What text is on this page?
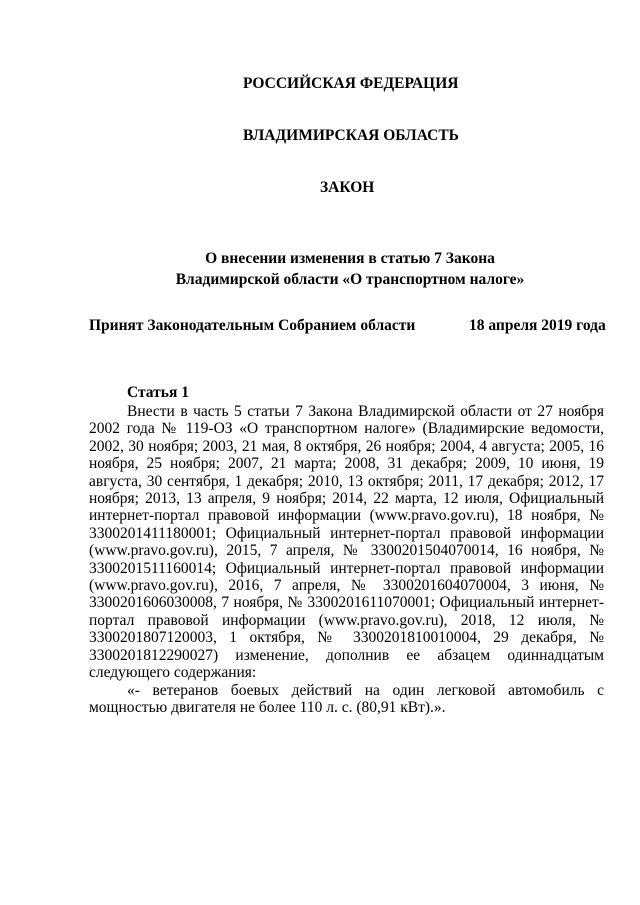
РОССИЙСКАЯ ФЕДЕРАЦИЯ
ВЛАДИМИРСКАЯ ОБЛАСТЬ
ЗАКОН
О внесении изменения в статью 7 Закона
Владимирской области «О транспортном налоге»
Принят Законодательным Собранием области	18 апреля 2019 года
Статья 1

Внести в часть 5 статьи 7 Закона Владимирской области от 27 ноября 2002 года № 119-ОЗ «О транспортном налоге» (Владимирские ведомости, 2002, 30 ноября; 2003, 21 мая, 8 октября, 26 ноября; 2004, 4 августа; 2005, 16 ноября, 25 ноября; 2007, 21 марта; 2008, 31 декабря; 2009, 10 июня, 19 августа, 30 сентября, 1 декабря; 2010, 13 октября; 2011, 17 декабря; 2012, 17 ноября; 2013, 13 апреля, 9 ноября; 2014, 22 марта, 12 июля, Официальный интернет-портал правовой информации (www.pravo.gov.ru), 18 ноября, № 3300201411180001; Официальный интернет-портал правовой информации (www.pravo.gov.ru), 2015, 7 апреля, № 3300201504070014, 16 ноября, № 3300201511160014; Официальный интернет-портал правовой информации (www.pravo.gov.ru), 2016, 7 апреля, № 3300201604070004, 3 июня, № 3300201606030008, 7 ноября, № 3300201611070001; Официальный интернет-портал правовой информации (www.pravo.gov.ru), 2018, 12 июля, № 3300201807120003, 1 октября, № 3300201810010004, 29 декабря, № 3300201812290027) изменение, дополнив ее абзацем одиннадцатым следующего содержания:

«- ветеранов боевых действий на один легковой автомобиль с мощностью двигателя не более 110 л. с. (80,91 кВт).».
